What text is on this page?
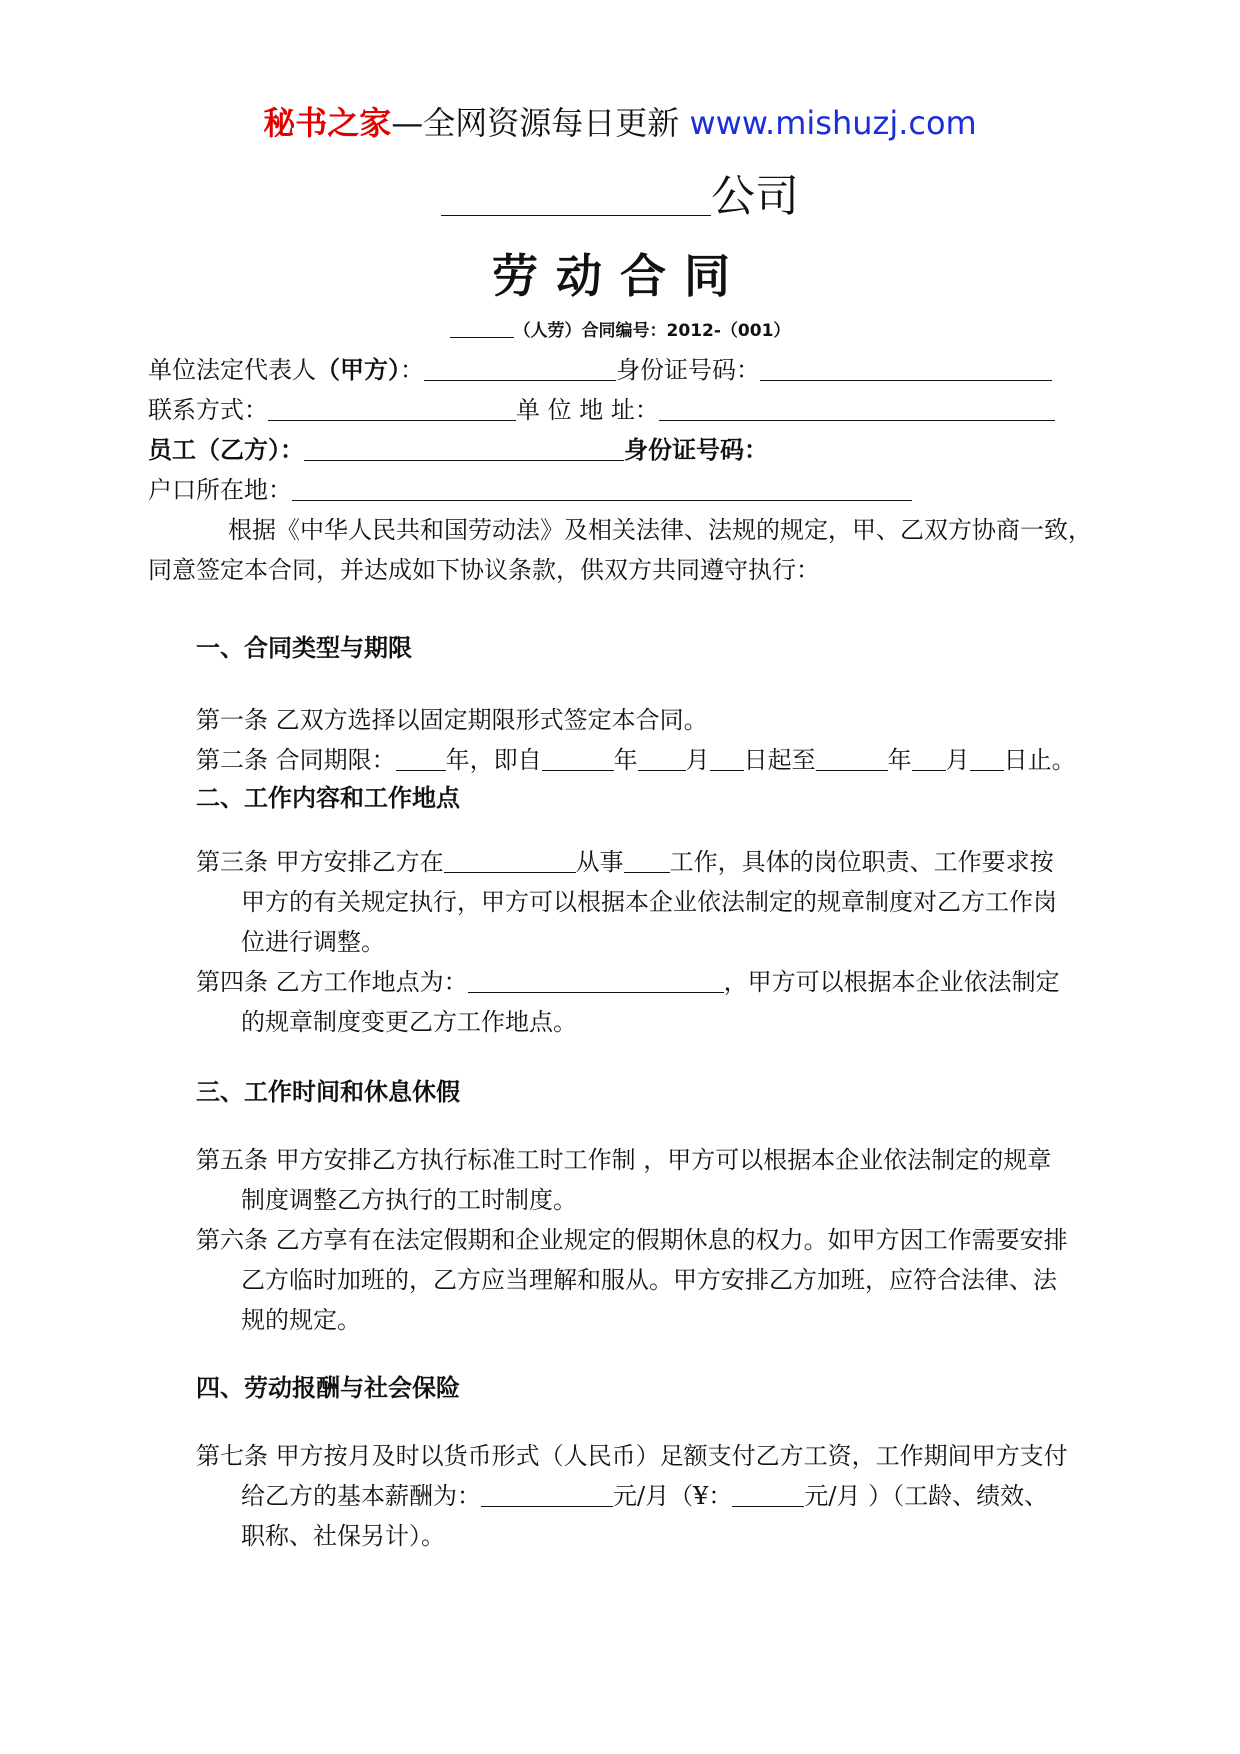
秘书之家—全网资源每日更新 www.mishuzj.com
公司
劳动合同
（人劳）合同编号：2012-（001）
单位法定代表人（甲方）：	身份证号码：
联系方式：	单 位 地 址：
员工（乙方）：	身份证号码：
户口所在地：
根据《中华人民共和国劳动法》及相关法律、法规的规定，甲、乙双方协商一致，
同意签定本合同，并达成如下协议条款，供双方共同遵守执行：
一、合同类型与期限
第一条 乙双方选择以固定期限形式签定本合同。
第二条 合同期限： 年，即自	年 月 日起至	年 月 日止。
二、工作内容和工作地点
第三条 甲方安排乙方在	从事 工作，具体的岗位职责、工作要求按
甲方的有关规定执行，甲方可以根据本企业依法制定的规章制度对乙方工作岗
位进行调整。
第四条 乙方工作地点为：	，甲方可以根据本企业依法制定
的规章制度变更乙方工作地点。
三、工作时间和休息休假
第五条 甲方安排乙方执行标准工时工作制 ，甲方可以根据本企业依法制定的规章
制度调整乙方执行的工时制度。
第六条 乙方享有在法定假期和企业规定的假期休息的权力。如甲方因工作需要安排
乙方临时加班的，乙方应当理解和服从。甲方安排乙方加班，应符合法律、法
规的规定。
四、劳动报酬与社会保险
第七条 甲方按月及时以货币形式（人民币）足额支付乙方工资，工作期间甲方支付
给乙方的基本薪酬为：	元/月（¥：	元/月 ）（工龄、绩效、
职称、社保另计）。
